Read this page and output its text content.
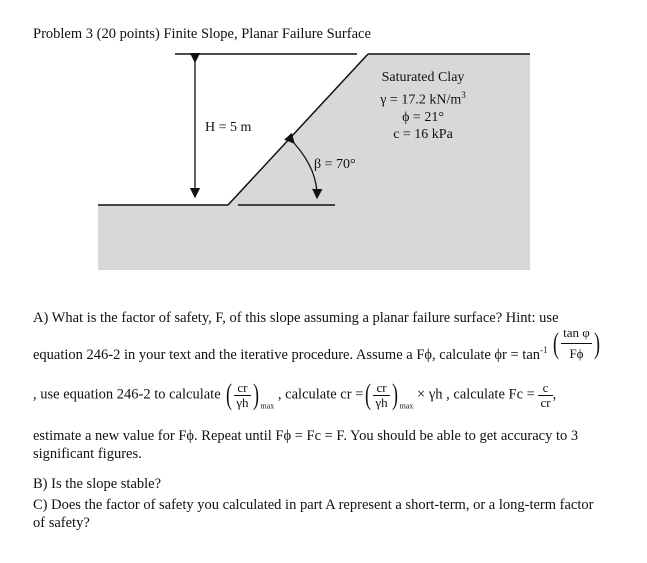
Problem 3 (20 points) Finite Slope, Planar Failure Surface
H = 5 m
β = 70°
Saturated Clay
γ = 17.2 $kN/m^3$
ϕ = 21°
c = 16 kPa
A) What is the factor of safety, F, of this slope assuming a planar failure surface? Hint: use
equation 246-2 in your text and the iterative procedure. Assume a Fϕ, calculate $\phi r = \tan^{-1}$ ( $\frac{\text{tan φ}}{F\phi}$ )
, use equation 246-2 to calculate ( $\frac{cr}{\gamma h}$ ) $_{max}$ , calculate cr =( $\frac{cr}{\gamma h}$ ) $_{max}$ × γh , calculate $Fc = \frac{c}{cr}$ ,
estimate a new value for Fϕ. Repeat until Fϕ = Fc = F. You should be able to get accuracy to 3
significant figures.
B) Is the slope stable?
C) Does the factor of safety you calculated in part A represent a short-term, or a long-term factor
of safety?
